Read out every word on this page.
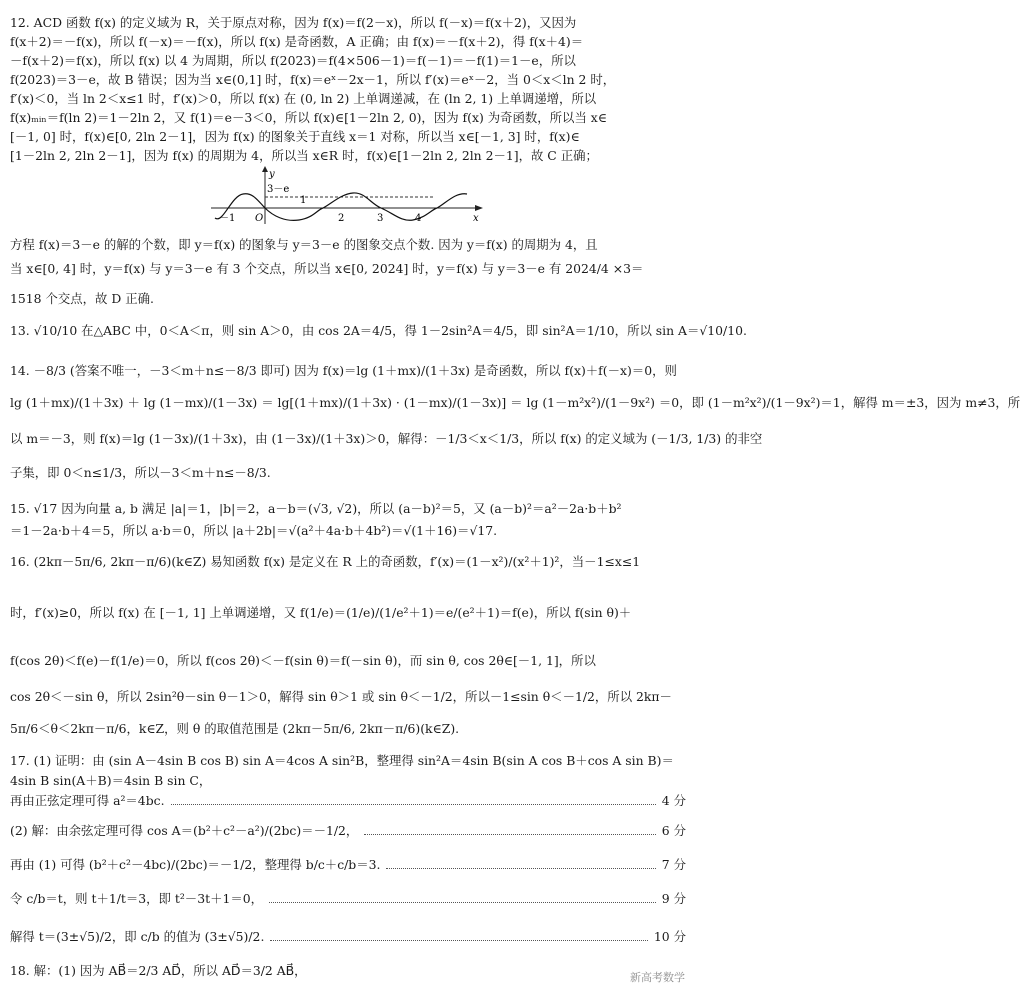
12. ACD 函数 f(x) 的定义域为 R，关于原点对称，因为 f(x)＝f(2－x)，所以 f(－x)＝f(x＋2)，又因为
f(x＋2)＝－f(x)，所以 f(－x)＝－f(x)，所以 f(x) 是奇函数，A 正确；由 f(x)＝－f(x＋2)，得 f(x＋4)＝
－f(x＋2)＝f(x)，所以 f(x) 以 4 为周期，所以 f(2023)＝f(4×506－1)＝f(－1)＝－f(1)＝1－e，所以
f(2023)＝3－e，故 B 错误；因为当 x∈(0,1] 时，f(x)＝eˣ－2x－1，所以 f′(x)＝eˣ－2，当 0＜x＜ln 2 时，
f′(x)＜0，当 ln 2＜x≤1 时，f′(x)＞0，所以 f(x) 在 (0, ln 2) 上单调递减，在 (ln 2, 1) 上单调递增，所以
f(x)ₘᵢₙ＝f(ln 2)＝1－2ln 2，又 f(1)＝e－3＜0，所以 f(x)∈[1－2ln 2, 0)，因为 f(x) 为奇函数，所以当 x∈
[－1, 0] 时，f(x)∈[0, 2ln 2－1]，因为 f(x) 的图象关于直线 x＝1 对称，所以当 x∈[－1, 3] 时，f(x)∈
[1－2ln 2, 2ln 2－1]，因为 f(x) 的周期为 4，所以当 x∈R 时，f(x)∈[1－2ln 2, 2ln 2－1]，故 C 正确；
y
x
3－e
－1 O
1
2	3	4
方程 f(x)＝3－e 的解的个数，即 y＝f(x) 的图象与 y＝3－e 的图象交点个数. 因为 y＝f(x) 的周期为 4，且
当 x∈[0, 4] 时，y＝f(x) 与 y＝3－e 有 3 个交点，所以当 x∈[0, 2024] 时，y＝f(x) 与 y＝3－e 有 2024/4 ×3＝
1518 个交点，故 D 正确.
13. √10/10 在△ABC 中，0＜A＜π，则 sin A＞0，由 cos 2A＝4/5，得 1－2sin²A＝4/5，即 sin²A＝1/10，所以 sin A＝√10/10.
14. －8/3 (答案不唯一，－3＜m＋n≤－8/3 即可) 因为 f(x)＝lg (1＋mx)/(1＋3x) 是奇函数，所以 f(x)＋f(－x)＝0，则
lg (1＋mx)/(1＋3x) ＋ lg (1－mx)/(1－3x) ＝ lg[(1＋mx)/(1＋3x) · (1－mx)/(1－3x)] ＝ lg (1－m²x²)/(1－9x²) ＝0，即 (1－m²x²)/(1－9x²)＝1，解得 m＝±3，因为 m≠3，所
以 m＝－3，则 f(x)＝lg (1－3x)/(1＋3x)，由 (1－3x)/(1＋3x)＞0，解得：－1/3＜x＜1/3，所以 f(x) 的定义域为 (－1/3, 1/3) 的非空
子集，即 0＜n≤1/3，所以－3＜m＋n≤－8/3.
15. √17 因为向量 a, b 满足 |a|＝1，|b|＝2，a－b＝(√3, √2)，所以 (a－b)²＝5，又 (a－b)²＝a²－2a·b＋b²
＝1－2a·b＋4＝5，所以 a·b＝0，所以 |a＋2b|＝√(a²＋4a·b＋4b²)＝√(1＋16)＝√17.
16. (2kπ－5π/6, 2kπ－π/6)(k∈Z) 易知函数 f(x) 是定义在 R 上的奇函数，f′(x)＝(1－x²)/(x²＋1)²，当－1≤x≤1
时，f′(x)≥0，所以 f(x) 在 [－1, 1] 上单调递增，又 f(1/e)＝(1/e)/(1/e²＋1)＝e/(e²＋1)＝f(e)，所以 f(sin θ)＋
f(cos 2θ)＜f(e)－f(1/e)＝0，所以 f(cos 2θ)＜－f(sin θ)＝f(－sin θ)，而 sin θ, cos 2θ∈[－1, 1]，所以
cos 2θ＜－sin θ，所以 2sin²θ－sin θ－1＞0，解得 sin θ＞1 或 sin θ＜－1/2，所以－1≤sin θ＜－1/2，所以 2kπ－
5π/6＜θ＜2kπ－π/6，k∈Z，则 θ 的取值范围是 (2kπ－5π/6, 2kπ－π/6)(k∈Z).
17. (1) 证明：由 (sin A－4sin B cos B) sin A＝4cos A sin²B，整理得 sin²A＝4sin B(sin A cos B＋cos A sin B)＝
4sin B sin(A＋B)＝4sin B sin C，
再由正弦定理可得 a²＝4bc.	4 分
(2) 解：由余弦定理可得 cos A＝(b²＋c²－a²)/(2bc)＝－1/2，	6 分
再由 (1) 可得 (b²＋c²－4bc)/(2bc)＝－1/2，整理得 b/c＋c/b＝3.	7 分
令 c/b＝t，则 t＋1/t＝3，即 t²－3t＋1＝0，	9 分
解得 t＝(3±√5)/2，即 c/b 的值为 (3±√5)/2.	10 分
18. 解：(1) 因为 AB⃗＝2/3 AD⃗，所以 AD⃗＝3/2 AB⃗，	新高考数学
